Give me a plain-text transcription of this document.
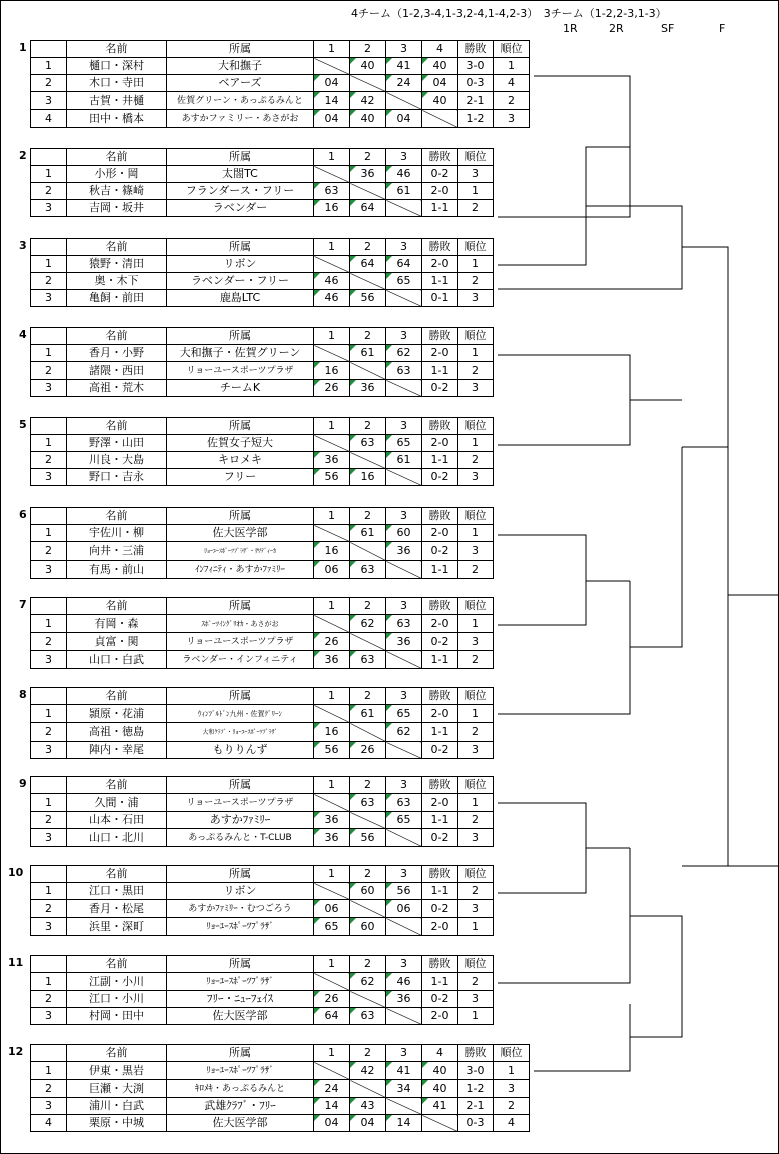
4チーム（1-2,3-4,1-3,2-4,1-4,2-3）　3チーム（1-2,2-3,1-3）
1R	2R	SF	F
1
		名前	所属	1	2	3	4	勝敗	順位
1	樋口・深村	大和撫子		40	41	40	3-0	1
2	木口・寺田	ベアーズ	04		24	04	0-3	4
3	古賀・井樋	佐賀グリーン・あっぷるみんと	14	42		40	2-1	2
4	田中・橋本	あすかファミリー・あさがお	04	40	04		1-2	3
2
		名前	所属	1	2	3	勝敗	順位
1	小形・岡	太閤TC		36	46	0-2	3
2	秋吉・篠崎	フランダース・フリー	63		61	2-0	1
3	吉岡・坂井	ラベンダー	16	64		1-1	2
3
		名前	所属	1	2	3	勝敗	順位
1	猿野・清田	リボン		64	64	2-0	1
2	奥・木下	ラベンダー・フリー	46		65	1-1	2
3	亀飼・前田	鹿島LTC	46	56		0-1	3
4
		名前	所属	1	2	3	勝敗	順位
1	香月・小野	大和撫子・佐賀グリーン		61	62	2-0	1
2	諸隈・西田	リョーユースポーツプラザ	16		63	1-1	2
3	高祖・荒木	チームK	26	36		0-2	3
5
		名前	所属	1	2	3	勝敗	順位
1	野澤・山田	佐賀女子短大		63	65	2-0	1
2	川良・大島	キロメキ	36		61	1-1	2
3	野口・吉永	フリー	56	16		0-2	3
6
		名前	所属	1	2	3	勝敗	順位
1	宇佐川・柳	佐大医学部		61	60	2-0	1
2	向井・三浦	ﾘｮｰﾕｰｽﾎﾟｰﾂﾌﾟﾗｻﾞ・ｻﾜﾃﾞｨｰｶ	16		36	0-2	3
3	有馬・前山	ｲﾝﾌｨﾆﾃｨ・あすかﾌｧﾐﾘｰ	06	63		1-1	2
7
		名前	所属	1	2	3	勝敗	順位
1	有岡・森	ｽﾎﾟｰﾂｲﾝｸﾞﾘｵｶ・あさがお		62	63	2-0	1
2	貞富・関	リョーユースポーツプラザ	26		36	0-2	3
3	山口・白武	ラベンダー・インフィニティ	36	63		1-1	2
8
		名前	所属	1	2	3	勝敗	順位
1	頴原・花浦	ｳｨﾝﾌﾞﾙﾄﾞﾝ九州・佐賀ｸﾞﾘｰﾝ		61	65	2-0	1
2	高祖・徳島	大和ｸﾗﾌﾞ・ﾘｮｰﾕｰｽﾎﾟｰﾂﾌﾟﾗｻﾞ	16		62	1-1	2
3	陣内・幸尾	もりりんず	56	26		0-2	3
9
		名前	所属	1	2	3	勝敗	順位
1	久間・浦	リョーユースポーツプラザ		63	63	2-0	1
2	山本・石田	あすかﾌｧﾐﾘｰ	36		65	1-1	2
3	山口・北川	あっぷるみんと・T-CLUB	36	56		0-2	3
10
		名前	所属	1	2	3	勝敗	順位
1	江口・黒田	リボン		60	56	1-1	2
2	香月・松尾	あすかﾌｧﾐﾘｰ・むつごろう	06		06	0-2	3
3	浜里・深町	ﾘｮｰﾕｰｽﾎﾟｰﾂﾌﾟﾗｻﾞ	65	60		2-0	1
11
		名前	所属	1	2	3	勝敗	順位
1	江副・小川	ﾘｮｰﾕｰｽﾎﾟｰﾂﾌﾟﾗｻﾞ		62	46	1-1	2
2	江口・小川	ﾌﾘｰ・ﾆｭｰﾌｪｲｽ	26		36	0-2	3
3	村岡・田中	佐大医学部	64	63		2-0	1
12
		名前	所属	1	2	3	4	勝敗	順位
1	伊東・黒岩	ﾘｮｰﾕｰｽﾎﾟｰﾂﾌﾟﾗｻﾞ		42	41	40	3-0	1
2	巨瀬・大渕	ｷﾛﾒｷ・あっぷるみんと	24		34	40	1-2	3
3	浦川・白武	武雄ｸﾗﾌﾞ・ﾌﾘｰ	14	43		41	2-1	2
4	栗原・中城	佐大医学部	04	04	14		0-3	4
